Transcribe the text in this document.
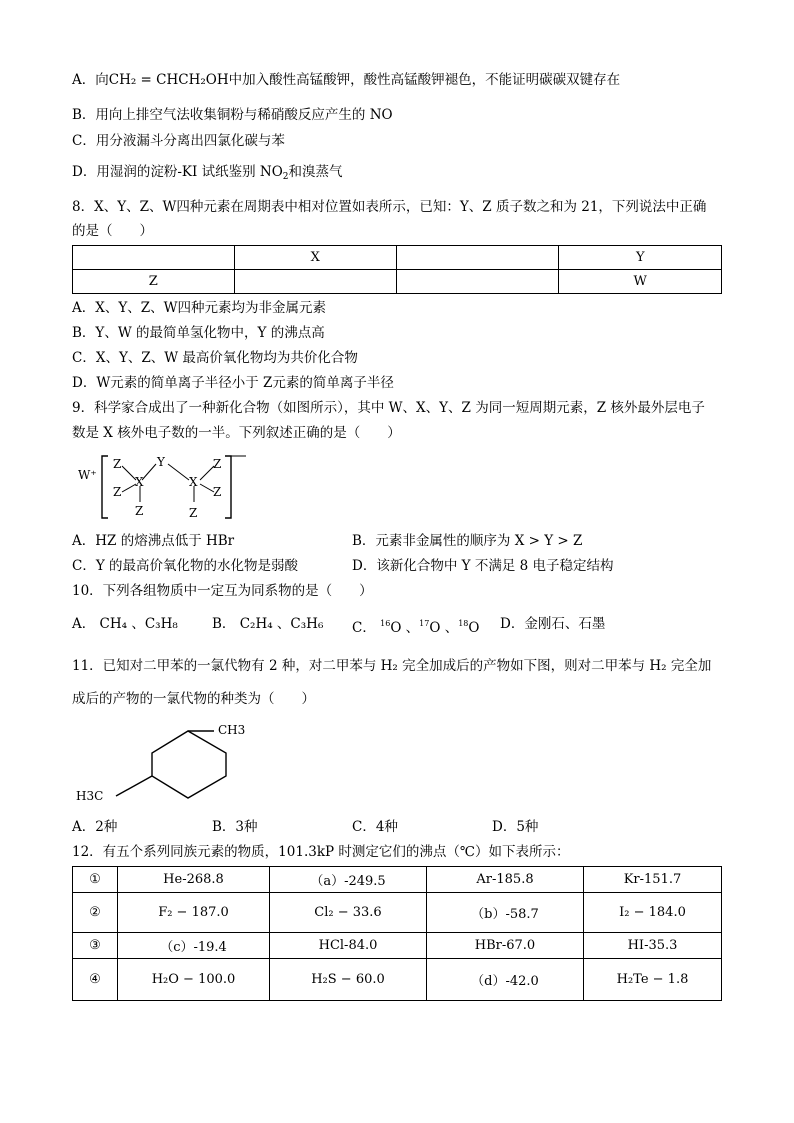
A．向CH₂ = CHCH₂OH中加入酸性高锰酸钾，酸性高锰酸钾褪色，不能证明碳碳双键存在
B．用向上排空气法收集铜粉与稀硝酸反应产生的 NO
C．用分液漏斗分离出四氯化碳与苯
D．用湿润的淀粉-KI 试纸鉴别 $NO_2$和溴蒸气
8．X、Y、Z、W四种元素在周期表中相对位置如表所示，已知：Y、Z 质子数之和为 21，下列说法中正确
的是（　　）
	X		Y
Z			W
A．X、Y、Z、W四种元素均为非金属元素
B．Y、W 的最简单氢化物中，Y 的沸点高
C．X、Y、Z、W 最高价氧化物均为共价化合物
D．W元素的简单离子半径小于 Z元素的简单离子半径
9．科学家合成出了一种新化合物（如图所示），其中 W、X、Y、Z 为同一短周期元素，Z 核外最外层电子
数是 X 核外电子数的一半。下列叙述正确的是（　　）
W⁺
Z
Z
X
Z
Y
X
Z
Z
Z
A．HZ 的熔沸点低于 HBr	B．元素非金属性的顺序为 X > Y > Z
C．Y 的最高价氧化物的水化物是弱酸	D．该新化合物中 Y 不满足 8 电子稳定结构
10．下列各组物质中一定互为同系物的是（　　）
A． CH₄ 、C₃H₈	B． C₂H₄ 、C₃H₆ C． $^{16}$O 、$^{17}$O 、$^{18}$O D．金刚石、石墨
11．已知对二甲苯的一氯代物有 2 种，对二甲苯与 H₂ 完全加成后的产物如下图，则对二甲苯与 H₂ 完全加
成后的产物的一氯代物的种类为（　　）
CH3
H3C
A．2种	B．3种	C．4种	D．5种
12．有五个系列同族元素的物质，101.3kP 时测定它们的沸点（℃）如下表所示：
①	He-268.8	（a）-249.5	Ar-185.8	Kr-151.7
②	F₂ − 187.0	Cl₂ − 33.6	（b）-58.7	I₂ − 184.0
③	（c）-19.4	HCl-84.0	HBr-67.0	HI-35.3
④	H₂O − 100.0	H₂S − 60.0	（d）-42.0	H₂Te − 1.8
